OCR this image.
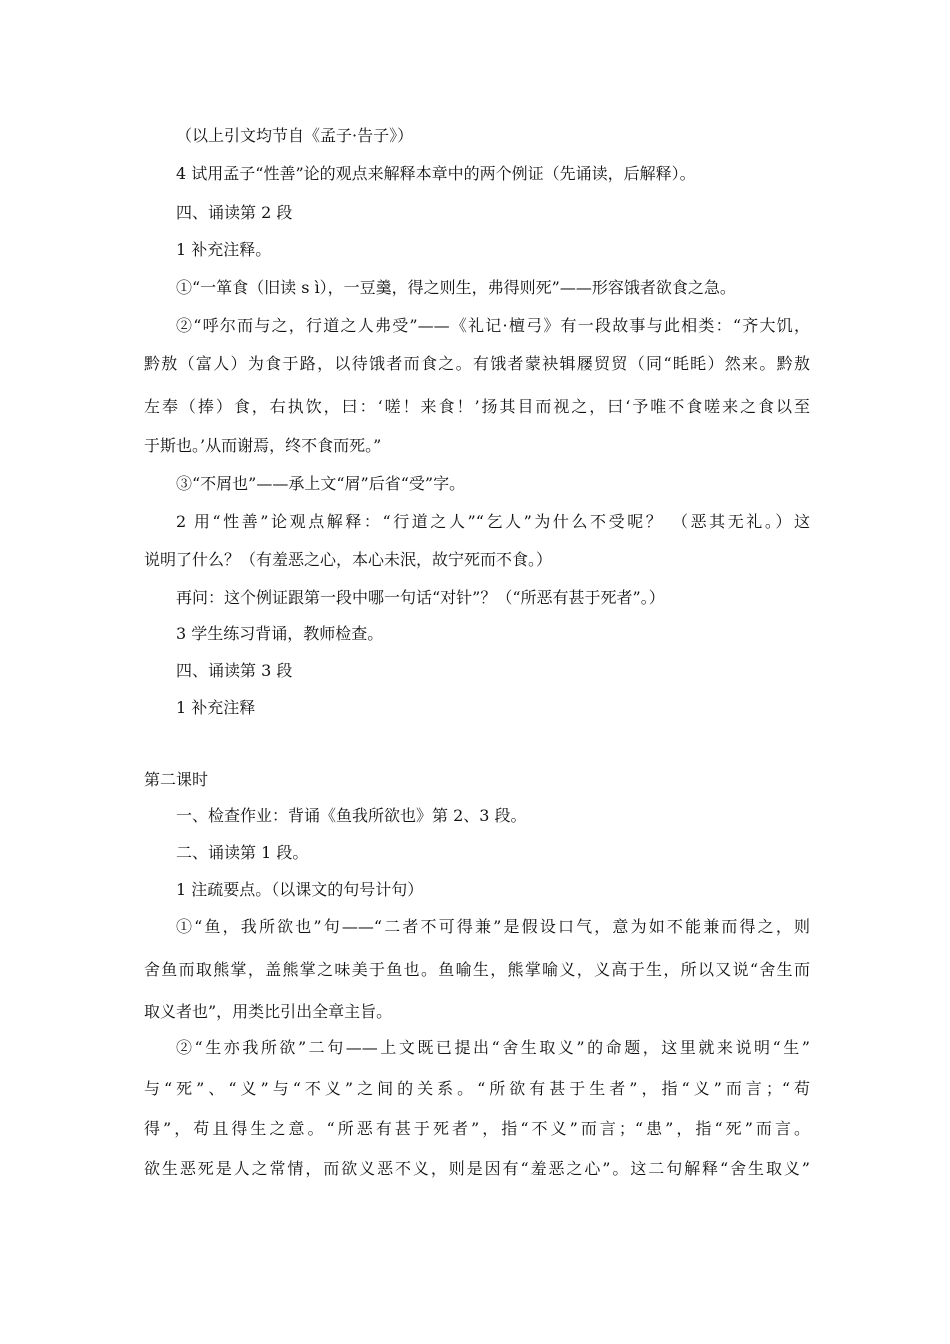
（以上引文均节自《孟子·告子》）
4 试用孟子“性善”论的观点来解释本章中的两个例证（先诵读，后解释）。
四、诵读第 2 段
1 补充注释。
①“一箪食（旧读 s ì），一豆羹，得之则生，弗得则死”——形容饿者欲食之急。
②“呼尔而与之，行道之人弗受”——《礼记·檀弓》有一段故事与此相类：“齐大饥，
黔敖（富人）为食于路，以待饿者而食之。有饿者蒙袂辑屦贸贸（同“眊眊）然来。黔敖
左奉（捧）食，右执饮，曰：‘嗟！来食！’扬其目而视之，曰‘予唯不食嗟来之食以至
于斯也。’从而谢焉，终不食而死。”
③“不屑也”——承上文“屑”后省“受”字。
2 用“性善”论观点解释：“行道之人”“乞人”为什么不受呢？ （恶其无礼。）这
说明了什么？（有羞恶之心，本心未泯，故宁死而不食。）
再问：这个例证跟第一段中哪一句话“对针”？（“所恶有甚于死者”。）
3 学生练习背诵，教师检查。
四、诵读第 3 段
1 补充注释
第二课时
一、检查作业：背诵《鱼我所欲也》第 2、3 段。
二、诵读第 1 段。
1 注疏要点。（以课文的句号计句）
①“鱼，我所欲也”句——“二者不可得兼”是假设口气，意为如不能兼而得之，则
舍鱼而取熊掌，盖熊掌之味美于鱼也。鱼喻生，熊掌喻义，义高于生，所以又说“舍生而
取义者也”，用类比引出全章主旨。
②“生亦我所欲”二句——上文既已提出“舍生取义”的命题，这里就来说明“生”
与“死”、“义”与“不义”之间的关系。“所欲有甚于生者”，指“义”而言；“苟
得”，苟且得生之意。“所恶有甚于死者”，指“不义”而言；“患”，指“死”而言。
欲生恶死是人之常情，而欲义恶不义，则是因有“羞恶之心”。这二句解释“舍生取义”
